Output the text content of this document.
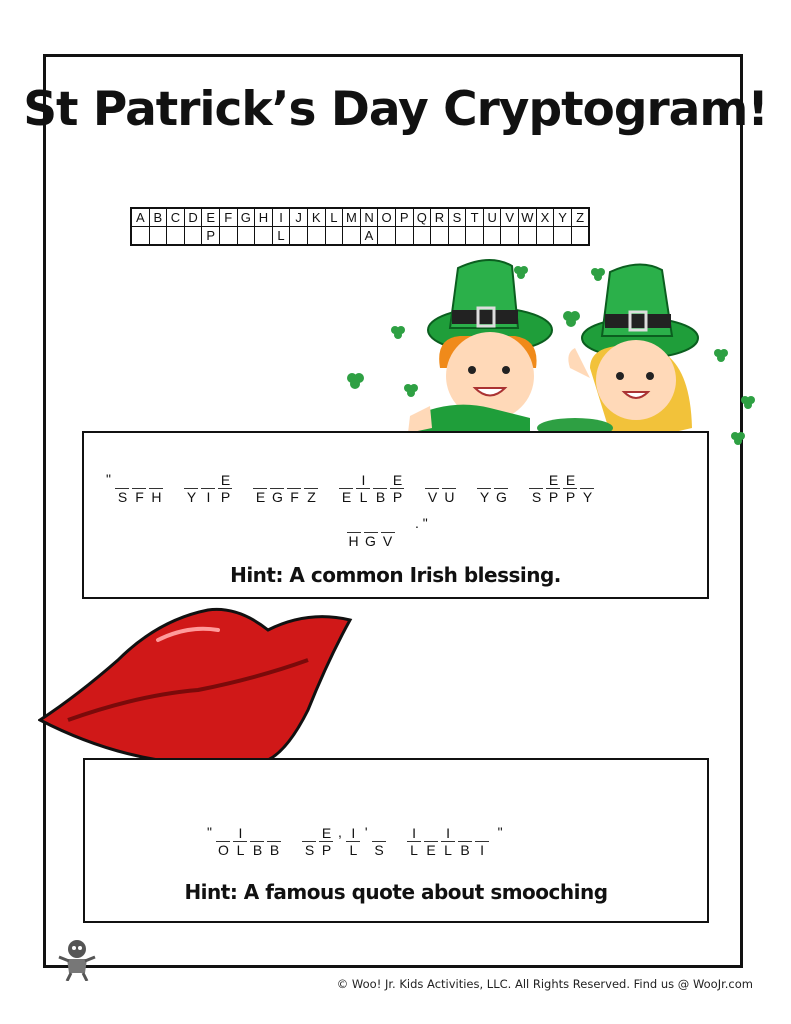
St Patrick’s Day Cryptogram!
A	B	C	D	E	F	G	H	I	J	K	L	M	N	O	P	Q	R	S	T	U	V	W	X	Y	Z
				P				L					A												
"
S F H Y I
E
P E G F Z E
I
L B
E
P V U Y G S
E
P
E
P Y
H G V
. "
Hint: A common Irish blessing.
"
O
I
L B B S
E
P
, I
L
'
S
I
L E
I
L B I
"
Hint: A famous quote about smooching
© Woo! Jr. Kids Activities, LLC. All Rights Reserved. Find us @ WooJr.com
